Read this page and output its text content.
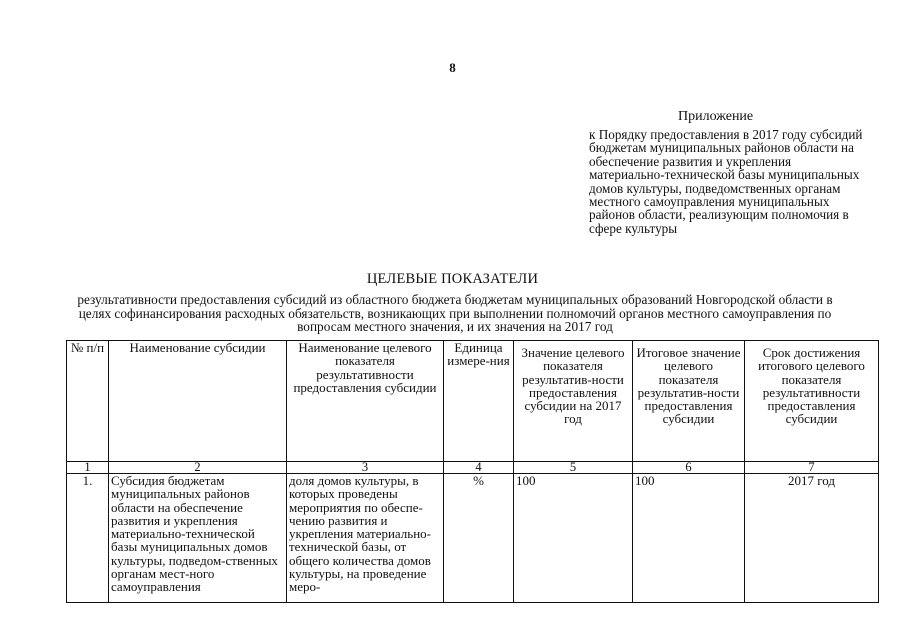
8
Приложение
к Порядку предоставления в 2017 году субсидий бюджетам муниципальных районов области на обеспечение развития и укрепления материально-технической базы муниципальных домов культуры, подведомственных органам местного самоуправления муниципальных районов области, реализующим полномочия в сфере культуры
ЦЕЛЕВЫЕ ПОКАЗАТЕЛИ
результативности предоставления субсидий из областного бюджета бюджетам муниципальных образований Новгородской области в целях софинансирования расходных обязательств, возникающих при выполнении полномочий органов местного самоуправления по вопросам местного значения, и их значения на 2017 год
№ п/п	Наименование субсидии	Наименование целевого показателя результативности предоставления субсидии	Единица измере-ния	Значение целевого показателя результатив-ности предоставления субсидии на 2017 год	Итоговое значение целевого показателя результатив-ности предоставления субсидии	Срок достижения итогового целевого показателя результативности предоставления субсидии
1	2	3	4	5	6	7
1.	Субсидия бюджетам муниципальных районов области на обеспечение развития и укрепления материально-технической базы муниципальных домов культуры, подведом-ственных органам мест-ного самоуправления	доля домов культуры, в которых проведены мероприятия по обеспе-чению развития и укрепления материально-технической базы, от общего количества домов культуры, на проведение меро-	%	100	100	2017 год
